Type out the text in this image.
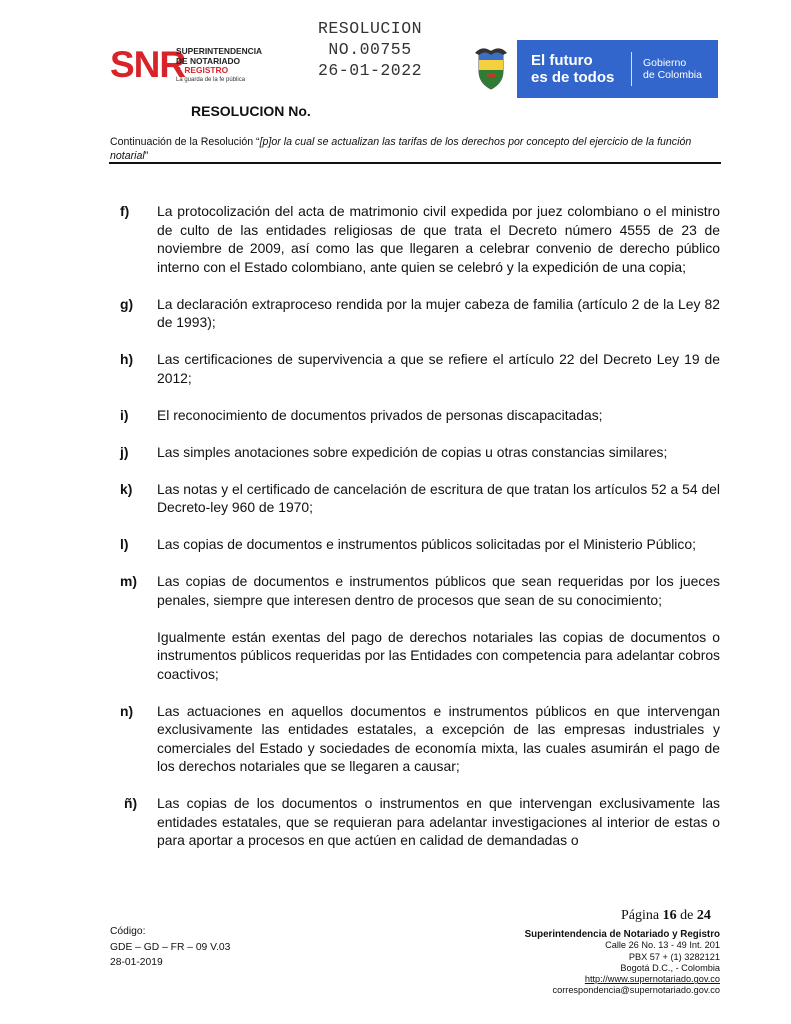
RESOLUCION
NO.00755
26-01-2022
SNR
SUPERINTENDENCIA
DE NOTARIADO
& REGISTRO
La guarda de la fe pública
El futuro
es de todos
Gobierno
de Colombia
RESOLUCION No.
Continuación de la Resolución “[p]or la cual se actualizan las tarifas de los derechos por concepto del ejercicio de la función notarial”
f)	La protocolización del acta de matrimonio civil expedida por juez colombiano o el ministro de culto de las entidades religiosas de que trata el Decreto número 4555 de 23 de noviembre de 2009, así como las que llegaren a celebrar convenio de derecho público interno con el Estado colombiano, ante quien se celebró y la expedición de una copia;
g)	La declaración extraproceso rendida por la mujer cabeza de familia (artículo 2 de la Ley 82 de 1993);
h)	Las certificaciones de supervivencia a que se refiere el artículo 22 del Decreto Ley 19 de 2012;
i)	El reconocimiento de documentos privados de personas discapacitadas;
j)	Las simples anotaciones sobre expedición de copias u otras constancias similares;
k)	Las notas y el certificado de cancelación de escritura de que tratan los artículos 52 a 54 del Decreto-ley 960 de 1970;
l)	Las copias de documentos e instrumentos públicos solicitadas por el Ministerio Público;
m)	Las copias de documentos e instrumentos públicos que sean requeridas por los jueces penales, siempre que interesen dentro de procesos que sean de su conocimiento;
Igualmente están exentas del pago de derechos notariales las copias de documentos o instrumentos públicos requeridas por las Entidades con competencia para adelantar cobros coactivos;
n)	Las actuaciones en aquellos documentos e instrumentos públicos en que intervengan exclusivamente las entidades estatales, a excepción de las empresas industriales y comerciales del Estado y sociedades de economía mixta, las cuales asumirán el pago de los derechos notariales que se llegaren a causar;
ñ)	Las copias de los documentos o instrumentos en que intervengan exclusivamente las entidades estatales, que se requieran para adelantar investigaciones al interior de estas o para aportar a procesos en que actúen en calidad de demandadas o
Página 16 de 24
Código:
GDE – GD – FR – 09 V.03
28-01-2019
Superintendencia de Notariado y Registro
Calle 26 No. 13 - 49 Int. 201
PBX 57 + (1) 3282121
Bogotá D.C., - Colombia
http://www.supernotariado.gov.co
correspondencia@supernotariado.gov.co
